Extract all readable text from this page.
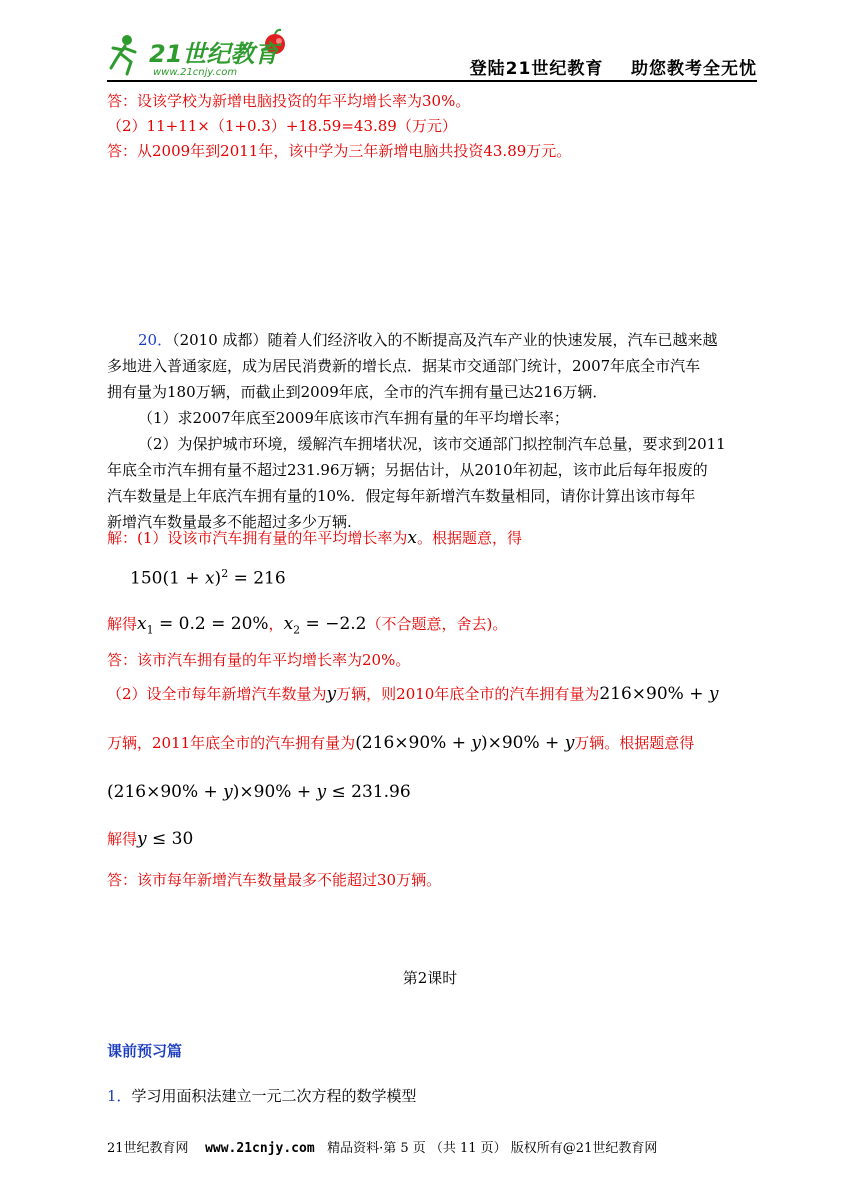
21世纪教育
www.21cnjy.com	登陆21世纪教育    助您教考全无忧
答：设该学校为新增电脑投资的年平均增长率为30%。
（2）11+11×（1+0.3）+18.59=43.89（万元）
答：从2009年到2011年，该中学为三年新增电脑共投资43.89万元。
20．（2010 成都）随着人们经济收入的不断提高及汽车产业的快速发展，汽车已越来越
多地进入普通家庭，成为居民消费新的增长点．据某市交通部门统计，2007年底全市汽车
拥有量为180万辆，而截止到2009年底，全市的汽车拥有量已达216万辆．
（1）求2007年底至2009年底该市汽车拥有量的年平均增长率；
（2）为保护城市环境，缓解汽车拥堵状况，该市交通部门拟控制汽车总量，要求到2011
年底全市汽车拥有量不超过231.96万辆；另据估计，从2010年初起，该市此后每年报废的
汽车数量是上年底汽车拥有量的10%．假定每年新增汽车数量相同，请你计算出该市每年
新增汽车数量最多不能超过多少万辆.
解：(1）设该市汽车拥有量的年平均增长率为x。根据题意，得
$150(1 + x)^2 = 216$
解得$x_1 = 0.2 = 20\%$，$x_2 = -2.2$（不合题意，舍去)。
答：该市汽车拥有量的年平均增长率为20%。
（2）设全市每年新增汽车数量为y万辆，则2010年底全市的汽车拥有量为216×90% + y
万辆，2011年底全市的汽车拥有量为(216×90% + y)×90% + y万辆。根据题意得
(216×90% + y)×90% + y ≤ 231.96
解得y ≤ 30
答：该市每年新增汽车数量最多不能超过30万辆。
第2课时
课前预习篇
1．学习用面积法建立一元二次方程的数学模型
21世纪教育网 www.21cnjy.com 精品资料·第 5 页 （共 11 页） 版权所有@21世纪教育网
